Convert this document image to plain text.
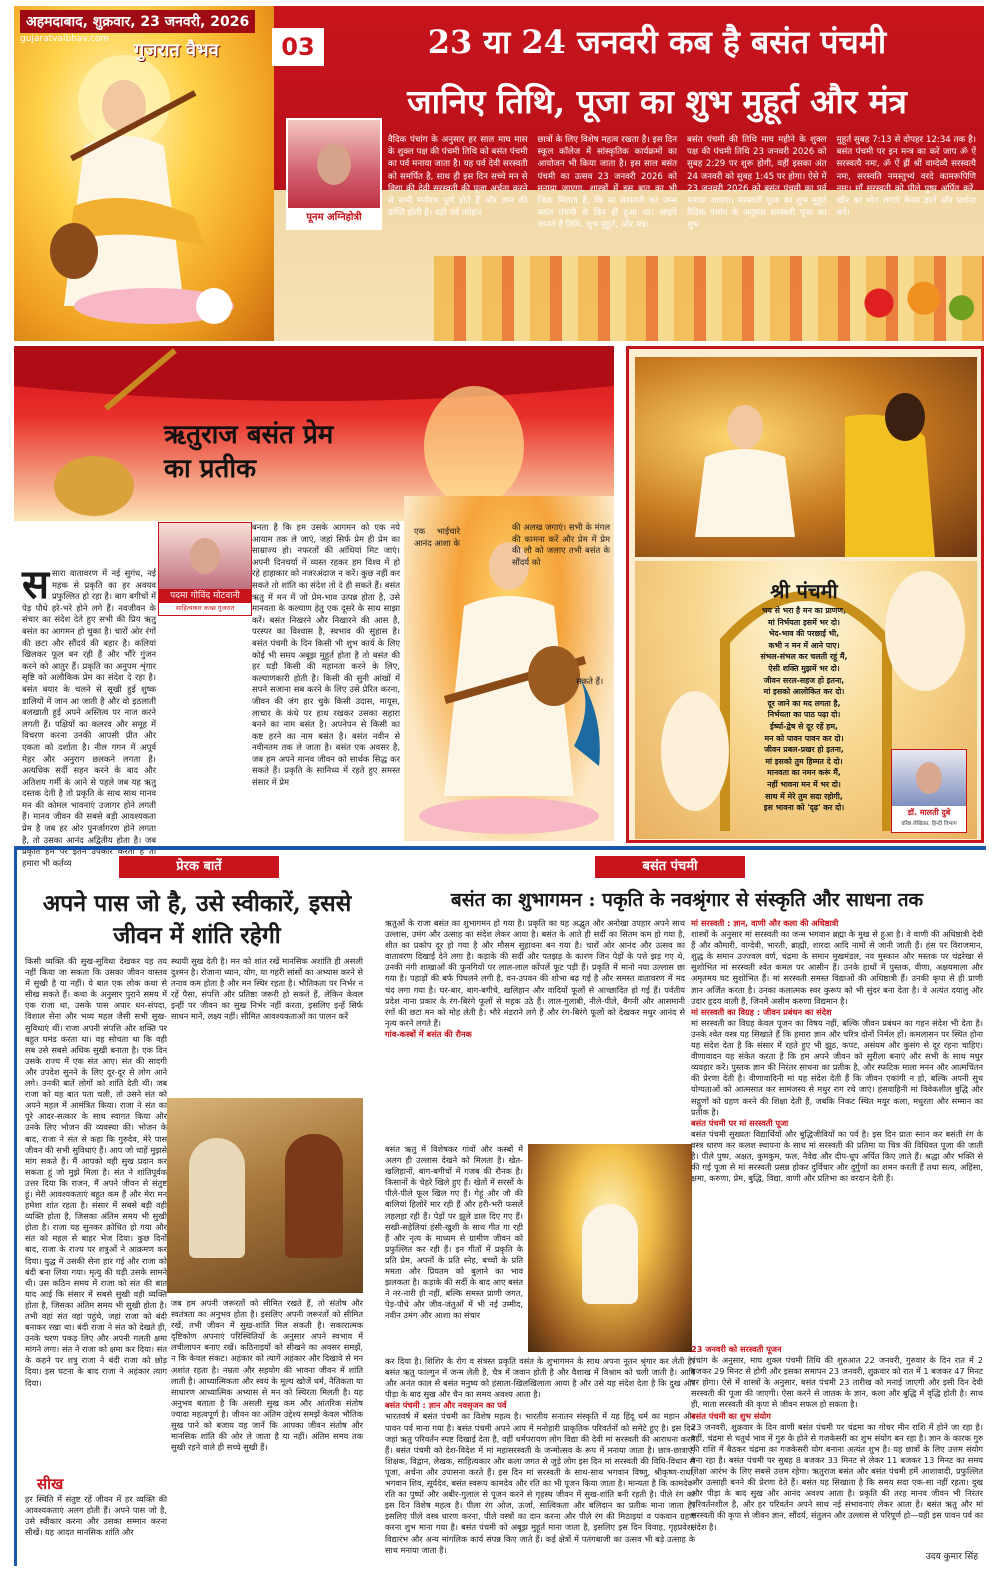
अहमदाबाद, शुक्रवार, 23 जनवरी, 2026
gujaratvaibhav.com
गुजरात वैभव	03	23 या 24 जनवरी कब है बसंत पंचमी
जानिए तिथि, पूजा का शुभ मुहूर्त और मंत्र
पूनम अग्निहोत्री
वैदिक पंचांग के अनुसार हर साल माघ मास के शुक्ल पक्ष की पंचमी तिथि को बसंत पंचमी का पर्व मनाया जाता है। यह पर्व देवी सरस्वती को समर्पित है, साथ ही इस दिन सच्चे मन से विद्या की देवी सरस्वती की पूजा अर्चना करने से सभी मनोरथ पूर्ण होते हैं और ज्ञान की प्राप्ति होती है। यही पर्व त्योहार
छात्रों के लिए विशेष महत्व रखता है। इस दिन स्कूल कॉलेज में सांस्कृतिक कार्यक्रमों का आयोजन भी किया जाता है। इस साल बसंत पंचमी का उत्सव 23 जनवरी 2026 को मनाया जाएगा, शास्त्रों में इस बात का भी जिक्र मिलता है, कि मां सरस्वती का जन्म बसंत पंचमी के दिन ही हुआ था। आइये जानते हैं तिथि, शुभ मुहूर्त, और मंत्र।
बसंत पंचमी की तिथि माघ महीने के शुक्ल पक्ष की पंचमी तिथि 23 जनवरी 2026 को सुबह 2:29 पर शुरू होगी, वहीं इसका अंत 24 जनवरी को सुबह 1:45 पर होगा। ऐसे में 23 जनवरी 2026 को बसंत पंचमी का पर्व मनाया जाएगा। सरस्वती पूजा का शुभ मुहूर्त वैदिक पंचांग के अनुसार सरस्वती पूजा का शुभ
मुहूर्त सुबह 7:13 से दोपहर 12:34 तक है। बसंत पंचमी पर इन मन्त्र का करें जाप ॐ ऐं सरस्वत्यै नमः, ॐ ऐं ह्रीं श्रीं वाग्देव्यै सरस्वत्यै नमः, सरस्वति नमस्तुभ्यं वरदे कामरूपिणि नमः। माँ सरस्वती को पीले पुष्प अर्पित करें, खीर का भोग लगाएं केसर डालें और प्रार्थना करें।
ऋतुराज बसंत प्रेम का प्रतीक
पदमा गोविंद मोटवानी
साहित्यकार कच्छ गुजरात
ससारा वातावरण में नई सुगंध, नई महक से प्रकृति का हर अवयव प्रफुल्लित हो रहा है। बाग बगीचों में पेड़ पौधे हरे-भरे होने लगे हैं। नवजीवन के संचार का संदेश देते हुए सभी की प्रिय ऋतु बसंत का आगमन हो चुका है। चारों ओर रंगों की छटा और सौंदर्य की बहार है। कलियां खिलकर फूल बन रही हैं और भौंरे गुंजन करने को आतुर हैं। प्रकृति का अनुपम शृंगार सृष्टि को अलौकिक प्रेम का संदेश दे रहा है। बसंत बयार के चलने से सूखी हुई शुष्क डालियों में जान आ जाती है और वो इठलाती बलखाती हुई अपने अस्तित्व पर नाज करने लगती हैं। पक्षियों का कलरव और समूह में विचरण करना उनकी आपसी प्रीत और एकता को दर्शाता है। नील गगन में अपूर्व मेहर और अनुराग छलकने लगता है। अत्यधिक सर्दी सहन करने के बाद और अतिशय गर्मी के आने से पहले जब यह ऋतु दस्तक देती है तो प्रकृति के साथ साथ मानव मन की कोमल भावनाएं उजागर होने लगती हैं। मानव जीवन की सबसे बड़ी आवश्यकता प्रेम है जब हर ओर पुनर्जागरण होने लगता है, तो उसका आनंद अद्वितीय होता है। जब प्रकृति हम पर इतने उपकार करती है तो हमारा भी कर्तव्य
बनता है कि हम उसके आगमन को एक नये आयाम तक ले जाएं, जहां सिर्फ प्रेम ही प्रेम का साम्राज्य हो। नफरतों की आंधियां मिट जाएं। अपनी दिनचर्या में व्यस्त रहकर हम विश्व में हो रहे हाहाकार को नजरअंदाज न करें। कुछ नहीं कर सकते तो शांति का संदेश तो दे ही सकते हैं। बसंत ऋतु में मन में जो प्रेम-भाव उत्पन्न होता है, उसे मानवता के कल्याण हेतु एक दूसरे के साथ साझा करें। बसंत निखरने और निखारने की आस है, परस्पर का विश्वास है, स्वभाव की सुहास है। बसंत पंचमी के दिन किसी भी शुभ कार्य के लिए कोई भी समय अबूझ मुहूर्त होता है तो बसंत की हर घड़ी किसी की महानता करने के लिए, कल्याणकारी होती है। किसी की सुनी आंखों में सपने सजाना सब करने के लिए उसे प्रेरित करना, जीवन की जंग हार चुके किसी उदास, मायूस, लाचार के कंधे पर हाथ रखकर उसका सहारा बनने का नाम बसंत है। अपनेपन से किसी का कष्ट हरने का नाम बसंत है। बसंत नवीन से नवीनतम तक ले जाता है। बसंत एक अवसर है, जब हम अपने मानव जीवन को सार्थक सिद्ध कर सकते हैं। प्रकृति के सानिध्य में रहते हुए समस्त संसार में प्रेम
एक भाईचारे आनंद आशा के
की अलख जगाएं। सभी के मंगल की कामना करें और प्रेम में प्रेम की लौ को जलाए तभी बसंत के सौंदर्य को
सकते हैं।
श्री पंचमी
भय से भरा है मन का प्राणण,
मां निर्भयता इसमें भर दो।
भेद-भाव की परछाई भी,
कभी न मन में आने पाए।
संभल-संभल कर चलती रहूं मैं,
ऐसी शक्ति मुझमें भर दो।
जीवन सरल-सहज हो इतना,
मां इसको आलोकित कर दो।
दूर जाने का मद लगता है,
निर्भयता का पाठ पढ़ा दो।
ईर्ष्या-द्वेष से दूर रहें हम,
मन को पावन पावन कर दो।
जीवन प्रबल-प्रखर हो इतना,
मां इसको तुम हिम्मत दे दो।
मानवता का नमन करूं मैं,
नहीं भावना मन में भर दो।
साथ में मेरे तुम सदा रहोगी,
इस भावना को 'दृढ़' कर दो।
डॉ. मालती दुबे
वरिष्ठ लेखिका, हिन्दी विभाग
प्रेरक बातें	बसंत पंचमी
अपने पास जो है, उसे स्वीकारें, इससे जीवन में शांति रहेगी
किसी व्यक्ति की सुख-सुविधा देखकर यह तय नहीं किया जा सकता कि उसका जीवन वास्तव में सुखी है या नहीं। ये बात एक लोक कथा से सीख सकते हैं। कथा के अनुसार पुराने समय में एक राजा था, उसके पास अपार धन-संपदा, विशाल सेना और भव्य महल जैसी सभी सुख-सुविधाएं थीं। राजा अपनी संपत्ति और शक्ति पर बहुत घमंड करता था। वह सोचता था कि वही सब उसे सबसे अधिक सुखी बनाता है। एक दिन उसके राज्य में एक संत आए। संत की सादगी और उपदेश सुनने के लिए दूर-दूर से लोग आने लगे। उनकी बातें लोगों को शांति देती थीं। जब राजा को यह बात पता चली, तो उसने संत को अपने महल में आमंत्रित किया। राजा ने संत का पूरे आदर-सत्कार के साथ स्वागत किया और उनके लिए भोजन की व्यवस्था की। भोजन के बाद, राजा ने संत से कहा कि गुरुदेव, मेरे पास जीवन की सभी सुविधाएं हैं। आप जो चाहें मुझसे मांग सकते हैं। मैं आपको वही सुख प्रदान कर सकता हूं जो मुझे मिला है। संत ने शांतिपूर्वक उत्तर दिया कि राजन, मैं अपने जीवन से संतुष्ट हूं। मेरी आवश्यकताएं बहुत कम हैं और मेरा मन हमेशा शांत रहता है। संसार में सबसे बड़ी वही व्यक्ति होता है, जिसका अंतिम समय भी सुखी होता है। राजा यह सुनकर क्रोधित हो गया और संत को महल से बाहर भेज दिया। कुछ दिनों बाद, राजा के राज्य पर शत्रुओं ने आक्रमण कर दिया। युद्ध में उसकी सेना हार गई और राजा को बंदी बना लिया गया। मृत्यु की घड़ी उसके सामने थी। उस कठिन समय में राजा को संत की बात याद आई कि संसार में सबसे सुखी वही व्यक्ति होता है, जिसका अंतिम समय भी सुखी होता है। तभी वहां संत वहां पहुंचे, जहां राजा को बंदी बनाकर रखा था। बंदी राजा ने संत को देखते ही, उनके चरण पकड़ लिए और अपनी गलती क्षमा मांगने लगा। संत ने राजा को क्षमा कर दिया। संत के कहने पर शत्रु राजा ने बंदी राजा को छोड़ दिया। इस घटना के बाद राजा ने अहंकार त्याग दिया।
स्थायी सुख देती है। मन को शांत रखें मानसिक अशांति ही असली दुश्मन है। रोजाना ध्यान, योग, या गहरी सांसों का अभ्यास करने से तनाव कम होता है और मन स्थिर रहता है। भौतिकता पर निर्भर न रहें पैसा, संपत्ति और प्रतिष्ठा जरूरी हो सकते हैं, लेकिन केवल इन्हीं पर जीवन का सुख निर्भर नहीं करता, इसलिए इन्हें सिर्फ साधन मानें, लक्ष्य नहीं। सीमित आवश्यकताओं का पालन करें
जब हम अपनी जरूरतों को सीमित रखते हैं, तो संतोष और स्वतंत्रता का अनुभव होता है। इसलिए अपनी जरूरतों को सीमित रखें, तभी जीवन में सुख-शांति मिल सकती है। सकारात्मक दृष्टिकोण अपनाएं परिस्थितियों के अनुसार अपने स्वभाव में लचीलापन बनाए रखें। कठिनाइयों को सीखने का अवसर समझें, न कि केवल संकट। अहंकार को त्यागें अहंकार और दिखावे से मन अशांत रहता है। नम्रता और सहयोग की भावना जीवन में शांति लाती है। आध्यात्मिकता और स्वयं के मूल्य खोजें धर्म, नैतिकता या साधारण आध्यात्मिक अभ्यास से मन को स्थिरता मिलती है। यह अनुभव बताता है कि असली सुख कम और आंतरिक संतोष ज्यादा महत्वपूर्ण है। जीवन का अंतिम उद्देश्य समझें केवल भौतिक सुख पाने को बजाय यह जानें कि आपका जीवन संतोष और मानसिक शांति की ओर ले जाता है या नहीं। अंतिम समय तक सुखी रहने वाले ही सच्चे सुखी हैं।
सीख
हर स्थिति में संतुष्ट रहें जीवन में हर व्यक्ति की आवश्यकताएं अलग होती हैं। अपने पास जो है, उसे स्वीकार करना और उसका सम्मान करना सीखें। यह आदत मानसिक शांति और
बसंत का शुभागमन : पकृति के नवश्रृंगार से संस्कृति और साधना तक
ऋतुओं के राजा बसंत का शुभागमन हो गया है। प्रकृति का यह अद्भुत और अनोखा उपहार अपने साथ उल्लास, उमंग और उत्साह का संदेश लेकर आया है। बसंत के आते ही सर्दी का सितम कम हो गया है, शीत का प्रकोप दूर हो गया है और मौसम सुहावना बन गया है। चारों ओर आनंद और उत्सव का वातावरण दिखाई देने लगा है। कड़ाके की सर्दी और पतझड़ के कारण जिन पेड़ों के पत्ते झड़ गए थे, उनकी नंगी शाखाओं की फुनगियों पर लाल-लाल कोंपलें फूट पड़ी हैं। प्रकृति में मानो नया उल्लास छा गया है। पहाड़ों की बर्फ पिघलने लगी है, वन-उपवन की शोभा बढ़ गई है और समस्त वातावरण में मद चंद लगा गया है। घर-बार, बाग-बगीचे, खलिहान और वादियों फूलों से आच्छादित हो गई हैं। पर्वतीय प्रदेश नाना प्रकार के रंग-बिरंगे फूलों से महक उठे हैं। लाल-गुलाबी, नीले-पीले, बैंगनी और आसमानी रंगों की छटा मन को मोह लेती है। भौरे मंडराने लगे हैं और रंग-बिरंगे फूलों को देखकर मधुर आनंद से नृत्य करने लगते हैं।
गांव-कस्बों में बसंत की रौनक
बसंत ऋतु में विशेषकर गांवों और कस्बों में अलग ही उल्लास देखने को मिलता है। खेत-खलिहानों, बाग-बगीचों में गजब की रौनक है। किसानों के चेहरे खिले हुए हैं। खेतों में सरसों के पीले-पीले फूल खिल गए हैं। गेहूं और जौ की बालियां हिलोरें मार रही हैं और हरी-भरी फसलें लहलहा रही हैं। पेड़ों पर झूले डाल दिए गए हैं। सखी-सहेलियां हंसी-खुशी के साथ गीत गा रही हैं और नृत्य के माध्यम से ग्रामीण जीवन को प्रफुल्लित कर रही हैं। इन गीतों में प्रकृति के प्रति प्रेम, अपनों के प्रति स्नेह, बच्चों के प्रति ममता और प्रियतम को बुलाने का भाव झलकता है। कड़ाके की सर्दी के बाद आए बसंत ने नर-नारी ही नहीं, बल्कि समस्त प्राणी जगत, पेड़-पौधे और जीव-जंतुओं में भी नई उम्मीद, नवीन उमंग और आशा का संचार
कर दिया है। शिशिर के रोग व संत्रस्त प्रकृति वसंत के शुभागमन के साथ अपना नूतन श्रृंगार कर लेती है। बसंत ऋतु फाल्गुन में जन्म लेती है, चैत्र में जवान होती है और वैशाख में विश्राम को चली जाती है। आदि और अनंत काल से बसंत मनुष्य को हंसाता-खिलखिलाता आया है और उसे यह संदेश देता है कि दुख और पीड़ा के बाद सुख और चैन का समय अवश्य आता है।
बसंत पंचमी : ज्ञान और नवसृजन का पर्व
भारतवर्ष में बसंत पंचमी का विशेष महत्व है। भारतीय सनातन संस्कृति में यह हिंदू धर्म का महान और पावन पर्व माना गया है। बसंत पंचमी अपने आप में मनोहारी प्राकृतिक परिवर्तनों को समेटे हुए है। इस दिन जहां ऋतु परिवर्तन स्पष्ट दिखाई देता है, वहीं धर्मपरायण लोग विद्या की देवी मां सरस्वती की आराधना करते हैं। बसंत पंचमी को देश-विदेश में मां महासरस्वती के जन्मोत्सव के रूप में मनाया जाता है। छात्र-छात्राएं, शिक्षक, विद्वान, लेखक, साहित्यकार और कला जगत से जुड़े लोग इस दिन मां सरस्वती की विधि-विधान से पूजा, अर्चना और उपासना करते हैं। इस दिन मां सरस्वती के साथ-साथ भगवान विष्णु, श्रीकृष्ण-राधा, भगवान शिव, सूर्यदेव, बसंत स्वरूप कामदेव और रति का भी पूजन किया जाता है। मान्यता है कि कामदेव-रति का पुष्पों और अबीर-गुलाल से पूजन करने से गृहस्थ जीवन में सुख-शांति बनी रहती है। पीले रंग का इस दिन विशेष महत्व है। पीला रंग ओज, ऊर्जा, सात्विकता और बलिदान का प्रतीक माना जाता है। इसलिए पीले वस्त्र धारण करना, पीले वस्त्रों का दान करना और पीले रंग की मिठाइयां व पकवान ग्रहण करना शुभ माना गया है। बसंत पंचमी को अबूझ मुहूर्त माना जाता है, इसलिए इस दिन विवाह, गृहप्रवेश, विद्यारंभ और अन्य मांगलिक कार्य संपन्न किए जाते हैं। कई क्षेत्रों में पतंगबाजी का उत्सव भी बड़े उत्साह के साथ मनाया जाता है।
मां सरस्वती : ज्ञान, वाणी और कला की अधिष्ठात्री
शास्त्रों के अनुसार मां सरस्वती का जन्म भगवान ब्रह्मा के मुख से हुआ है। वे वाणी की अधिष्ठात्री देवी हैं और कौमारी, वाग्देवी, भारती, ब्राह्मी, शारदा आदि नामों से जानी जाती हैं। हंस पर विराजमान, शुद्ध के समान उज्ज्वल वर्ण, चंद्रमा के समान मुखमंडल, नव मुस्कान और मस्तक पर चंद्ररेखा से सुशोभित मां सरस्वती श्वेत कमल पर आसीन हैं। उनके हाथों में पुस्तक, वीणा, अक्षयमाला और अमृतमय घट सुशोभित हैं। मां सरस्वती समस्त विद्याओं की अधिष्ठात्री हैं। उनकी कृपा से ही प्राणी ज्ञान अर्जित करता है। उनका कलात्मक स्वर कुरूप को भी सुंदर बना देता है। वे अत्यंत दयालु और उदार हृदय वाली हैं, जिनमें असीम करुणा विद्यमान है।
मां सरस्वती का विग्रह : जीवन प्रबंधन का संदेश
मां सरस्वती का विग्रह केवल पूजन का विषय नहीं, बल्कि जीवन प्रबंधन का गहन संदेश भी देता है। उनके श्वेत वस्त्र यह सिखाते हैं कि हमारा ज्ञान और चरित्र दोनों निर्मल हों। कमलासन पर स्थित होना यह संदेश देता है कि संसार में रहते हुए भी झूठ, कपट, असंयम और कुसंग से दूर रहना चाहिए। वीणावादन यह संकेत करता है कि हम अपने जीवन को सुरीला बनाएं और सभी के साथ मधुर व्यवहार करें। पुस्तक ज्ञान की निरंतर साधना का प्रतीक है, और स्फटिक माला मनन और आत्मचिंतन की प्रेरणा देती है। वीणावादिनी मां यह संदेश देती हैं कि जीवन एकांगी न हो, बल्कि अपनी सुध योग्यताओं को आत्मसात कर सामंजस्य से मधुर राग रचे जाएं। हंसवाहिनी मां विवेकशील बुद्धि और सद्गुणों को ग्रहण करने की शिक्षा देती हैं, जबकि निकट स्थित मयूर कला, मधुरता और सम्मान का प्रतीक है।
बसंत पंचमी पर मां सरस्वती पूजा
बसंत पंचमी सुख्यतः विद्यार्थियों और बुद्धिजीवियों का पर्व है। इस दिन प्रातः स्नान कर बसंती रंग के वस्त्र धारण कर कलश स्थापना के साथ मां सरस्वती की प्रतिमा या चित्र की विधिवत पूजा की जाती है। पीले पुष्प, अक्षत, कुमकुम, फल, नैवेद्य और दीप-धूप अर्पित किए जाते हैं। श्रद्धा और भक्ति से की गई पूजा से मां सरस्वती प्रसन्न होकर दुर्विचार और दुर्गुणों का शमन करती हैं तथा सत्य, अहिंसा, क्षमा, करुणा, प्रेम, बुद्धि, विद्या, वाणी और प्रतिभा का वरदान देती हैं।
23 जनवरी को सरस्वती पूजन
पंचांग के अनुसार, माघ शुक्ल पंचमी तिथि की शुरुआत 22 जनवरी, गुरुवार के दिन रात में 2 बजकर 29 मिनट से होगी और इसका समापन 23 जनवरी, शुक्रवार को रात में 1 बजकर 47 मिनट पर होगा। ऐसे में शास्त्रों के अनुसार, बसंत पंचमी 23 तारीख को मनाई जाएगी और इसी दिन देवी सरस्वती की पूजा की जाएगी। ऐसा करने से जातक के ज्ञान, कला और बुद्धि में वृद्धि होती है। साथ ही, माता सरस्वती की कृपा से जीवन सफल हो सकता है।
बसंत पंचमी का शुभ संयोग
23 जनवरी, शुक्रवार के दिन वाणी बसंत पंचमी पर चंद्रमा का गोचर मीन राशि में होने जा रहा है। वहीं, चंद्रमा से चतुर्थ भाव में गुरु के होने से गजकेसरी का शुभ संयोग बन रहा है। ज्ञान के कारक गुरु की राशि में बैठकर चंद्रमा का गजकेसरी योग बनाना अत्यंत शुभ है। यह छात्रों के लिए उत्तम संयोग बना रहा है। बसंत पंचमी पर सुबह 8 बजकर 33 मिनट से लेकर 11 बजकर 13 मिनट का समय शिक्षा आरंभ के लिए सबसे उत्तम रहेगा। ऋतुराज बसंत और बसंत पंचमी हमें आशावादी, प्रफुल्लित और उत्साही बनने की प्रेरणा देते हैं। बसंत यह सिखाता है कि समय सदा एक-सा नहीं रहता। दुख और पीड़ा के बाद सुख और आनंद अवश्य आता है। प्रकृति की तरह मानव जीवन भी निरंतर परिवर्तनशील है, और हर परिवर्तन अपने साथ नई संभावनाएं लेकर आता है। बसंत ऋतु और मां सरस्वती की कृपा से जीवन ज्ञान, सौंदर्य, संतुलन और उल्लास से परिपूर्ण हो—यही इस पावन पर्व का संदेश है।
उदय कुमार सिंह
